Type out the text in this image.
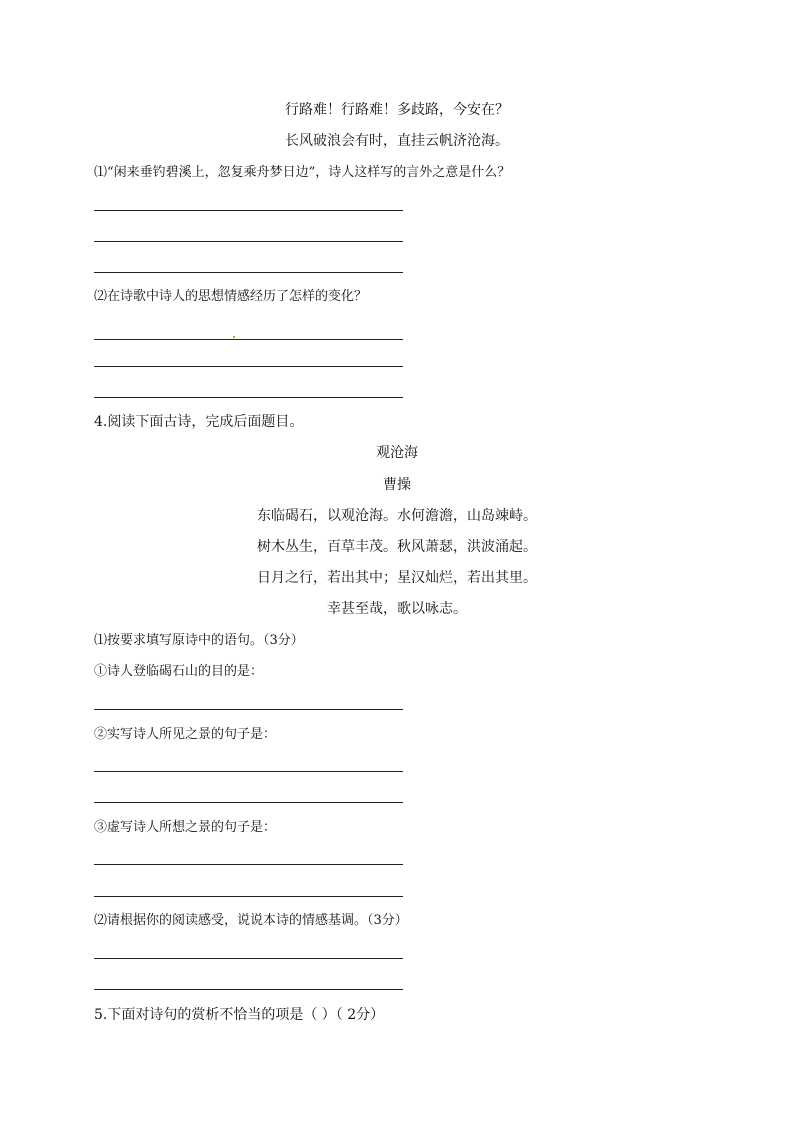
行路难！行路难！多歧路，今安在？
长风破浪会有时，直挂云帆济沧海。
⑴“闲来垂钓碧溪上，忽复乘舟梦日边”，诗人这样写的言外之意是什么？
⑵在诗歌中诗人的思想情感经历了怎样的变化？
4.阅读下面古诗，完成后面题目。
观沧海
曹操
东临碣石，以观沧海。水何澹澹，山岛竦峙。
树木丛生，百草丰茂。秋风萧瑟，洪波涌起。
日月之行，若出其中；星汉灿烂，若出其里。
幸甚至哉，歌以咏志。
⑴按要求填写原诗中的语句。（3分）
①诗人登临碣石山的目的是：
②实写诗人所见之景的句子是：
③虚写诗人所想之景的句子是：
⑵请根据你的阅读感受，说说本诗的情感基调。（3分）
5.下面对诗句的赏析不恰当的项是（ ）（ 2分）
